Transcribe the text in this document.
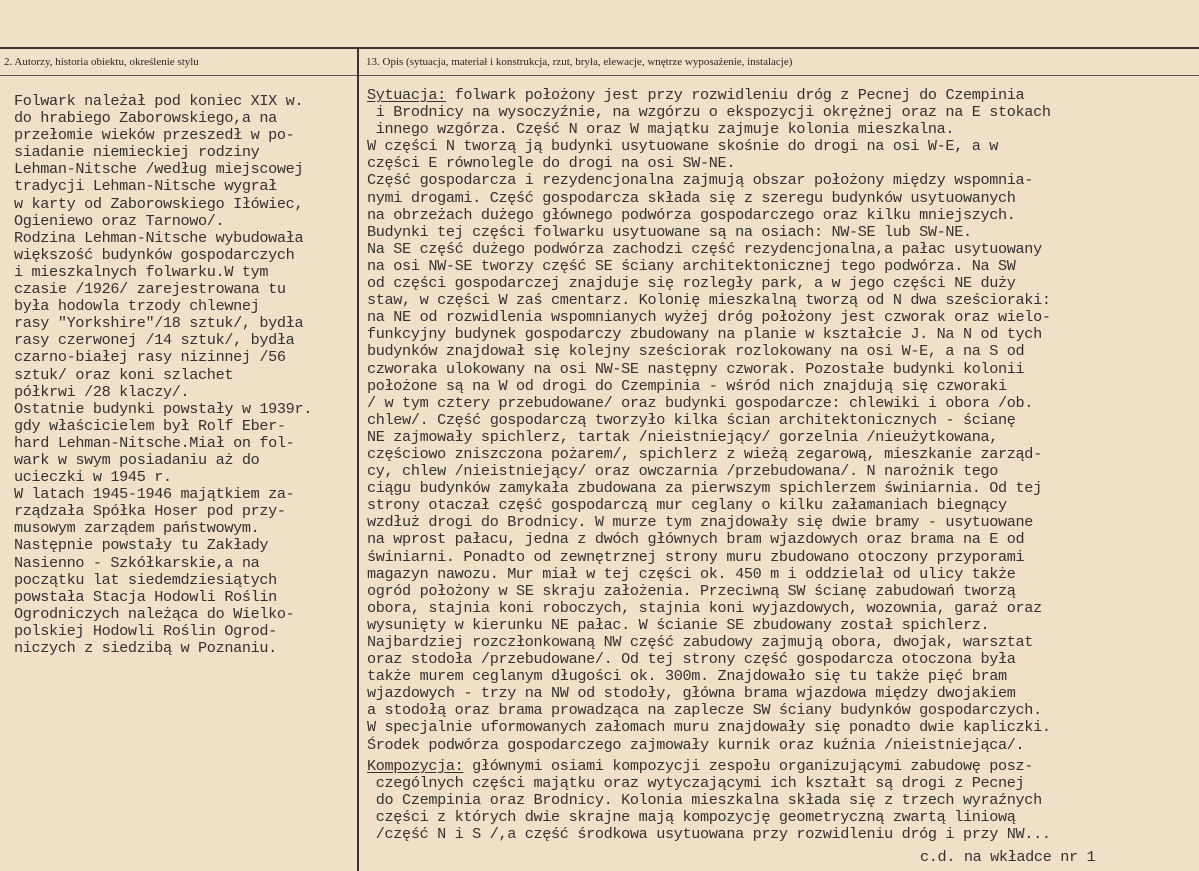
2. Autorzy, historia obiektu, określenie stylu	13. Opis (sytuacja, materiał i konstrukcja, rzut, bryła, elewacje, wnętrze wyposażenie, instalacje)
Folwark należał pod koniec XIX w.
do hrabiego Zaborowskiego,a na
przełomie wieków przeszedł w po-
siadanie niemieckiej rodziny
Lehman-Nitsche /według miejscowej
tradycji Lehman-Nitsche wygrał
w karty od Zaborowskiego Iłówiec,
Ogieniewo oraz Tarnowo/.
Rodzina Lehman-Nitsche wybudowała
większość budynków gospodarczych
i mieszkalnych folwarku.W tym
czasie /1926/ zarejestrowana tu
była hodowla trzody chlewnej
rasy "Yorkshire"/18 sztuk/, bydła
rasy czerwonej /14 sztuk/, bydła
czarno-białej rasy nizinnej /56
sztuk/ oraz koni szlachet
półkrwi /28 klaczy/.
Ostatnie budynki powstały w 1939r.
gdy właścicielem był Rolf Eber-
hard Lehman-Nitsche.Miał on fol-
wark w swym posiadaniu aż do
ucieczki w 1945 r.
W latach 1945-1946 majątkiem za-
rządzała Spółka Hoser pod przy-
musowym zarządem państwowym.
Następnie powstały tu Zakłady
Nasienno - Szkółkarskie,a na
początku lat siedemdziesiątych
powstała Stacja Hodowli Roślin
Ogrodniczych należąca do Wielko-
polskiej Hodowli Roślin Ogrod-
niczych z siedzibą w Poznaniu.
Sytuacja: folwark położony jest przy rozwidleniu dróg z Pecnej do Czempinia
i Brodnicy na wysoczyźnie, na wzgórzu o ekspozycji okrężnej oraz na E stokach
innego wzgórza. Część N oraz W majątku zajmuje kolonia mieszkalna.
W części N tworzą ją budynki usytuowane skośnie do drogi na osi W-E, a w
części E równolegle do drogi na osi SW-NE.
Część gospodarcza i rezydencjonalna zajmują obszar położony między wspomnia-
nymi drogami. Część gospodarcza składa się z szeregu budynków usytuowanych
na obrzeżach dużego głównego podwórza gospodarczego oraz kilku mniejszych.
Budynki tej części folwarku usytuowane są na osiach: NW-SE lub SW-NE.
Na SE część dużego podwórza zachodzi część rezydencjonalna,a pałac usytuowany
na osi NW-SE tworzy część SE ściany architektonicznej tego podwórza. Na SW
od części gospodarczej znajduje się rozległy park, a w jego części NE duży
staw, w części W zaś cmentarz. Kolonię mieszkalną tworzą od N dwa sześcioraki:
na NE od rozwidlenia wspomnianych wyżej dróg położony jest czworak oraz wielo-
funkcyjny budynek gospodarczy zbudowany na planie w kształcie J. Na N od tych
budynków znajdował się kolejny sześciorak rozlokowany na osi W-E, a na S od
czworaka ulokowany na osi NW-SE następny czworak. Pozostałe budynki kolonii
położone są na W od drogi do Czempinia - wśród nich znajdują się czworaki
/ w tym cztery przebudowane/ oraz budynki gospodarcze: chlewiki i obora /ob.
chlew/. Część gospodarczą tworzyło kilka ścian architektonicznych - ścianę
NE zajmowały spichlerz, tartak /nieistniejący/ gorzelnia /nieużytkowana,
częściowo zniszczona pożarem/, spichlerz z wieżą zegarową, mieszkanie zarząd-
cy, chlew /nieistniejący/ oraz owczarnia /przebudowana/. N narożnik tego
ciągu budynków zamykała zbudowana za pierwszym spichlerzem świniarnia. Od tej
strony otaczał część gospodarczą mur ceglany o kilku załamaniach biegnący
wzdłuż drogi do Brodnicy. W murze tym znajdowały się dwie bramy - usytuowane
na wprost pałacu, jedna z dwóch głównych bram wjazdowych oraz brama na E od
świniarni. Ponadto od zewnętrznej strony muru zbudowano otoczony przyporami
magazyn nawozu. Mur miał w tej części ok. 450 m i oddzielał od ulicy także
ogród położony w SE skraju założenia. Przeciwną SW ścianę zabudowań tworzą
obora, stajnia koni roboczych, stajnia koni wyjazdowych, wozownia, garaż oraz
wysunięty w kierunku NE pałac. W ścianie SE zbudowany został spichlerz.
Najbardziej rozczłonkowaną NW część zabudowy zajmują obora, dwojak, warsztat
oraz stodoła /przebudowane/. Od tej strony część gospodarcza otoczona była
także murem ceglanym długości ok. 300m. Znajdowało się tu także pięć bram
wjazdowych - trzy na NW od stodoły, główna brama wjazdowa między dwojakiem
a stodołą oraz brama prowadząca na zaplecze SW ściany budynków gospodarczych.
W specjalnie uformowanych załomach muru znajdowały się ponadto dwie kapliczki.
Środek podwórza gospodarczego zajmowały kurnik oraz kuźnia /nieistniejąca/.
Kompozycja: głównymi osiami kompozycji zespołu organizującymi zabudowę posz-
czególnych części majątku oraz wytyczającymi ich kształt są drogi z Pecnej
do Czempinia oraz Brodnicy. Kolonia mieszkalna składa się z trzech wyraźnych
części z których dwie skrajne mają kompozycję geometryczną zwartą liniową
/część N i S /,a część środkowa usytuowana przy rozwidleniu dróg i przy NW...
c.d. na wkładce nr 1
